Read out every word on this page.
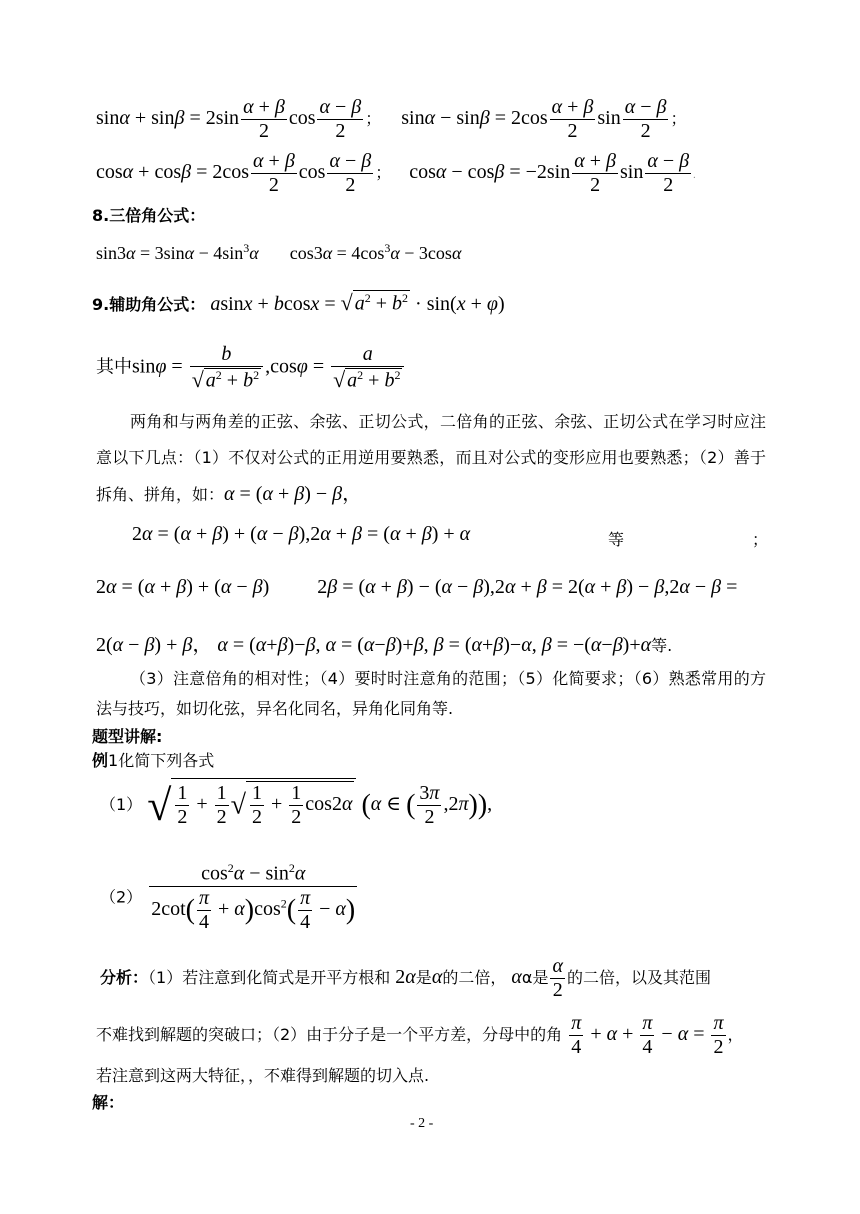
$\sin\alpha + \sin\beta = 2\sin \frac{\alpha + \beta}{2}$ $\cos \frac{\alpha - \beta}{2}$ ； $\sin\alpha - \sin\beta = 2\cos \frac{\alpha + \beta}{2}$ $\sin \frac{\alpha - \beta}{2}$ ；
$\cos\alpha + \cos\beta = 2\cos \frac{\alpha + \beta}{2}$ $\cos \frac{\alpha - \beta}{2}$ ； $\cos\alpha - \cos\beta = -2\sin \frac{\alpha + \beta}{2}$ $\sin \frac{\alpha - \beta}{2}$ .
8.三倍角公式：
$\sin 3\alpha = 3\sin\alpha - 4\sin^3\alpha$  $\cos 3\alpha = 4\cos^3\alpha - 3\cos\alpha$
9.辅助角公式： asinx + bcosx = √ $a^2 + b^2 \cdot \sin(x + \varphi)$
其中$\sin\varphi = \frac{b}{√ a^2 + b^2} ,\cos\varphi = \frac{a}{√ a^2 + b^2}$
两角和与两角差的正弦、余弦、正切公式，二倍角的正弦、余弦、正切公式在学习时应注意以下几点：（1）不仅对公式的正用逆用要熟悉，而且对公式的变形应用也要熟悉；（2）善于拆角、拼角，如：α = (α + β) − β，
2α = (α + β) + (α − β),2α + β = (α + β) + α	等	；
2α = (α + β) + (α − β)  2β = (α + β) − (α − β),2α + β = 2(α + β) − β,2α − β =
2(α − β) + β， α = (α+β)−β, α = (α−β)+β, β = (α+β)−α, β = −(α−β)+α等.
（3）注意倍角的相对性；（4）要时时注意角的范围；（5）化简要求；（6）熟悉常用的方法与技巧，如切化弦，异名化同名，异角化同角等.
题型讲解:
例1化简下列各式
（1） √ $\frac{1}{2} + \frac{1}{2}$ √ $\frac{1}{2} + \frac{1}{2} \cos 2\alpha$ (α ∈ ( $\frac{3\pi}{2} ,2\pi$)),
$(2) \frac{\cos^2\alpha - \sin^2\alpha}{2\cot( \frac{\pi}{4} + \alpha)\cos^2( \frac{\pi}{4} - \alpha)}$
分析：（1）若注意到化简式是开平方根和 2α是α的二倍， αα是 $\frac{\alpha}{2}$ 的二倍，以及其范围
不难找到解题的突破口；（2）由于分子是一个平方差，分母中的角 $\frac{\pi}{4} + \alpha + \frac{\pi}{4} - \alpha = \frac{\pi}{2}$ ，
若注意到这两大特征，，不难得到解题的切入点.
解：
- 2 -
